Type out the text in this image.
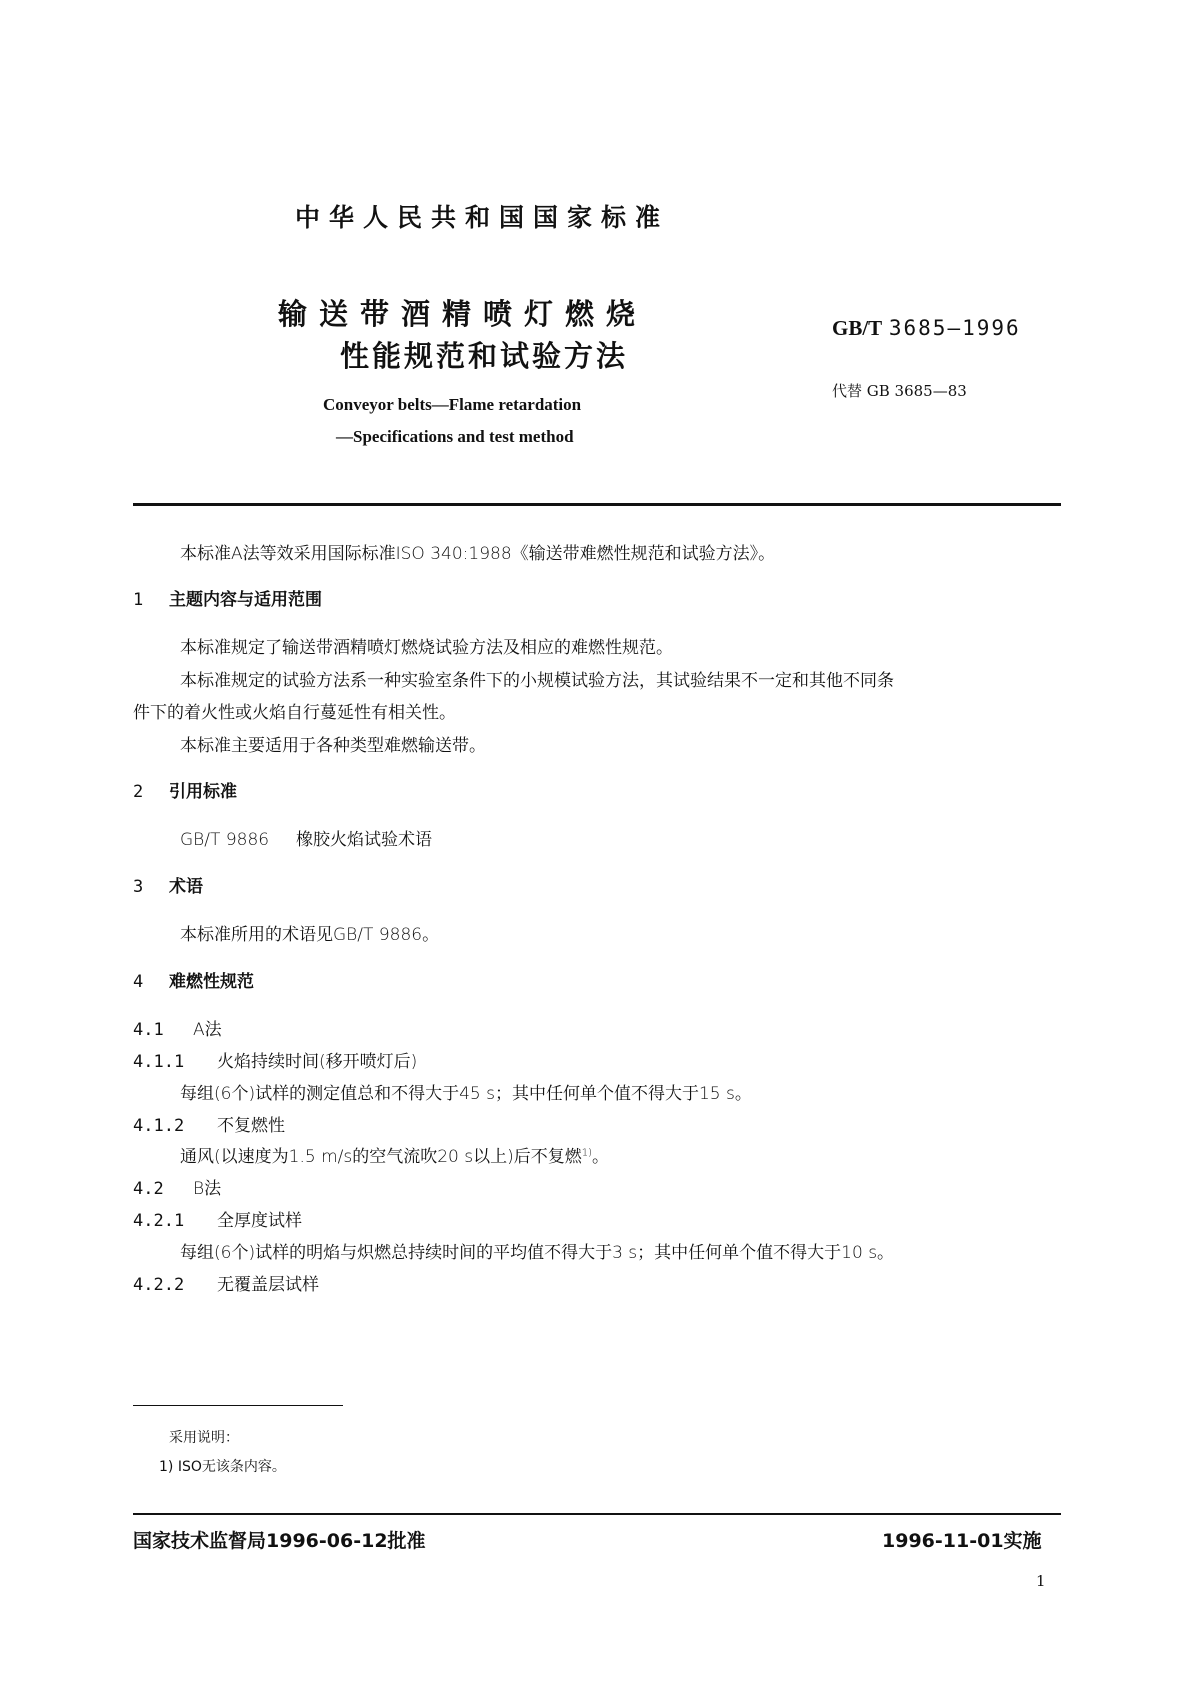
中华人民共和国国家标准
输送带酒精喷灯燃烧
性能规范和试验方法
GB/T 3685—1996
代替 GB 3685—83
Conveyor belts—Flame retardation
—Specifications and test method
本标准A法等效采用国际标准ISO 340:1988《输送带难燃性规范和试验方法》。
1 主题内容与适用范围
本标准规定了输送带酒精喷灯燃烧试验方法及相应的难燃性规范。
本标准规定的试验方法系一种实验室条件下的小规模试验方法，其试验结果不一定和其他不同条
件下的着火性或火焰自行蔓延性有相关性。
本标准主要适用于各种类型难燃输送带。
2 引用标准
GB/T 9886 橡胶火焰试验术语
3 术语
本标准所用的术语见GB/T 9886。
4 难燃性规范
4.1 A法
4.1.1 火焰持续时间(移开喷灯后)
每组(6个)试样的测定值总和不得大于45 s；其中任何单个值不得大于15 s。
4.1.2 不复燃性
通风(以速度为1.5 m/s的空气流吹20 s以上)后不复燃$^{1)}$。
4.2 B法
4.2.1 全厚度试样
每组(6个)试样的明焰与炽燃总持续时间的平均值不得大于3 s；其中任何单个值不得大于10 s。
4.2.2 无覆盖层试样
采用说明：
1) ISO无该条内容。
国家技术监督局1996-06-12批准	1996-11-01实施
1
